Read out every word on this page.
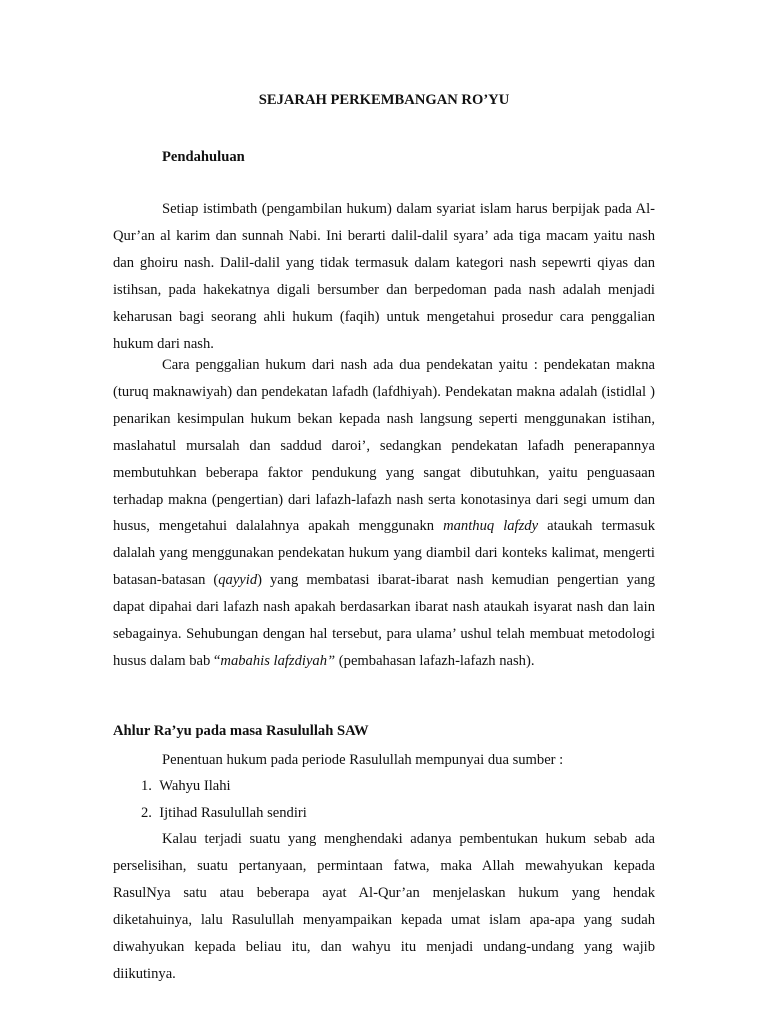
SEJARAH PERKEMBANGAN RO’YU
Pendahuluan

Setiap istimbath (pengambilan hukum) dalam syariat islam harus berpijak pada Al-Qur’an al karim dan sunnah Nabi. Ini berarti dalil-dalil syara’ ada tiga macam yaitu nash dan ghoiru nash. Dalil-dalil yang tidak termasuk dalam kategori nash sepewrti qiyas dan istihsan, pada hakekatnya digali bersumber dan berpedoman pada nash adalah menjadi keharusan bagi seorang ahli hukum (faqih) untuk mengetahui prosedur cara penggalian hukum dari nash.

Cara penggalian hukum dari nash ada dua pendekatan yaitu : pendekatan makna (turuq maknawiyah) dan pendekatan lafadh (lafdhiyah). Pendekatan makna adalah (istidlal ) penarikan kesimpulan hukum bekan kepada nash langsung seperti menggunakan istihan, maslahatul mursalah dan saddud daroi’, sedangkan pendekatan lafadh penerapannya membutuhkan beberapa faktor pendukung yang sangat dibutuhkan, yaitu penguasaan terhadap makna (pengertian) dari lafazh-lafazh nash serta konotasinya dari segi umum dan husus, mengetahui dalalahnya apakah menggunakn manthuq lafzdy ataukah termasuk dalalah yang menggunakan pendekatan hukum yang diambil dari konteks kalimat, mengerti batasan-batasan (qayyid) yang membatasi ibarat-ibarat nash kemudian pengertian yang dapat dipahai dari lafazh nash apakah berdasarkan ibarat nash ataukah isyarat nash dan lain sebagainya. Sehubungan dengan hal tersebut, para ulama’ ushul telah membuat metodologi husus dalam bab “mabahis lafzdiyah” (pembahasan lafazh-lafazh nash).

Ahlur Ra’yu pada masa Rasulullah SAW
Penentuan hukum pada periode Rasulullah mempunyai dua sumber :
1. Wahyu Ilahi
2. Ijtihad Rasulullah sendiri

Kalau terjadi suatu yang menghendaki adanya pembentukan hukum sebab ada perselisihan, suatu pertanyaan, permintaan fatwa, maka Allah mewahyukan kepada RasulNya satu atau beberapa ayat Al-Qur’an menjelaskan hukum yang hendak diketahuinya, lalu Rasulullah menyampaikan kepada umat islam apa-apa yang sudah diwahyukan kepada beliau itu, dan wahyu itu menjadi undang-undang yang wajib diikutinya.
